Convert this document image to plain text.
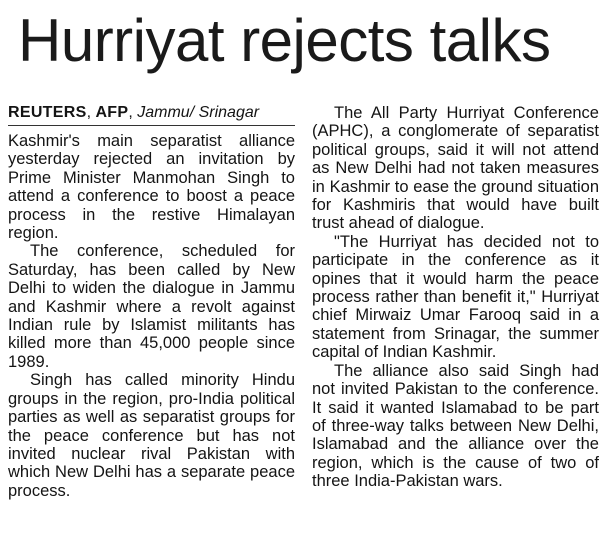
Hurriyat rejects talks
REUTERS, AFP, Jammu/ Srinagar

Kashmir's main separatist alliance yesterday rejected an invitation by Prime Minister Manmohan Singh to attend a conference to boost a peace process in the restive Himalayan region.

The conference, scheduled for Saturday, has been called by New Delhi to widen the dialogue in Jammu and Kashmir where a revolt against Indian rule by Islamist militants has killed more than 45,000 people since 1989.

Singh has called minority Hindu groups in the region, pro-India political parties as well as separatist groups for the peace conference but has not invited nuclear rival Pakistan with which New Delhi has a separate peace process.

The All Party Hurriyat Conference (APHC), a conglomerate of separatist political groups, said it will not attend as New Delhi had not taken measures in Kashmir to ease the ground situation for Kashmiris that would have built trust ahead of dialogue.

"The Hurriyat has decided not to participate in the conference as it opines that it would harm the peace process rather than benefit it," Hurriyat chief Mirwaiz Umar Farooq said in a statement from Srinagar, the summer capital of Indian Kashmir.

The alliance also said Singh had not invited Pakistan to the conference. It said it wanted Islamabad to be part of three-way talks between New Delhi, Islamabad and the alliance over the region, which is the cause of two of three India-Pakistan wars.
